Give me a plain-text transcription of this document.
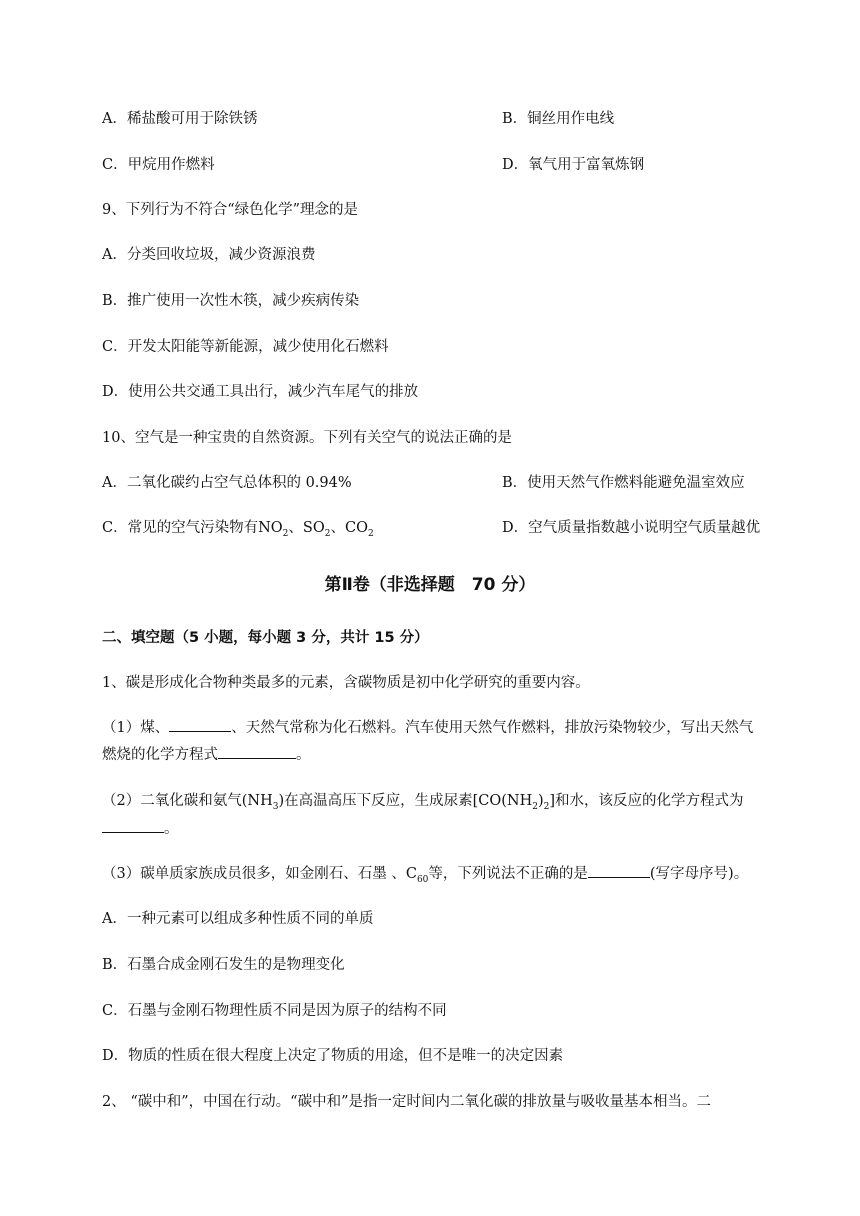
A．稀盐酸可用于除铁锈	B．铜丝用作电线
C．甲烷用作燃料	D．氧气用于富氧炼钢
9、下列行为不符合“绿色化学”理念的是
A．分类回收垃圾，减少资源浪费
B．推广使用一次性木筷，减少疾病传染
C．开发太阳能等新能源，减少使用化石燃料
D．使用公共交通工具出行，减少汽车尾气的排放
10、空气是一种宝贵的自然资源。下列有关空气的说法正确的是
A．二氧化碳约占空气总体积的 0.94%	B．使用天然气作燃料能避免温室效应
C．常见的空气污染物有$NO_2$、$SO_2$、$CO_2$	D．空气质量指数越小说明空气质量越优
第Ⅱ卷（非选择题　70 分）
二、填空题（5 小题，每小题 3 分，共计 15 分）
1、碳是形成化合物种类最多的元素，含碳物质是初中化学研究的重要内容。
（1）煤、	、天然气常称为化石燃料。汽车使用天然气作燃料，排放污染物较少，写出天然气
燃烧的化学方程式	。
（2）二氧化碳和氨气$(NH_3)$在高温高压下反应，生成尿素$[CO(NH_2)_2]$和水，该反应的化学方程式为
。
（3）碳单质家族成员很多，如金刚石、石墨 、$C_{60}$等，下列说法不正确的是	(写字母序号)。
A．一种元素可以组成多种性质不同的单质
B．石墨合成金刚石发生的是物理变化
C．石墨与金刚石物理性质不同是因为原子的结构不同
D．物质的性质在很大程度上决定了物质的用途，但不是唯一的决定因素
2、 “碳中和”，中国在行动。“碳中和”是指一定时间内二氧化碳的排放量与吸收量基本相当。二
